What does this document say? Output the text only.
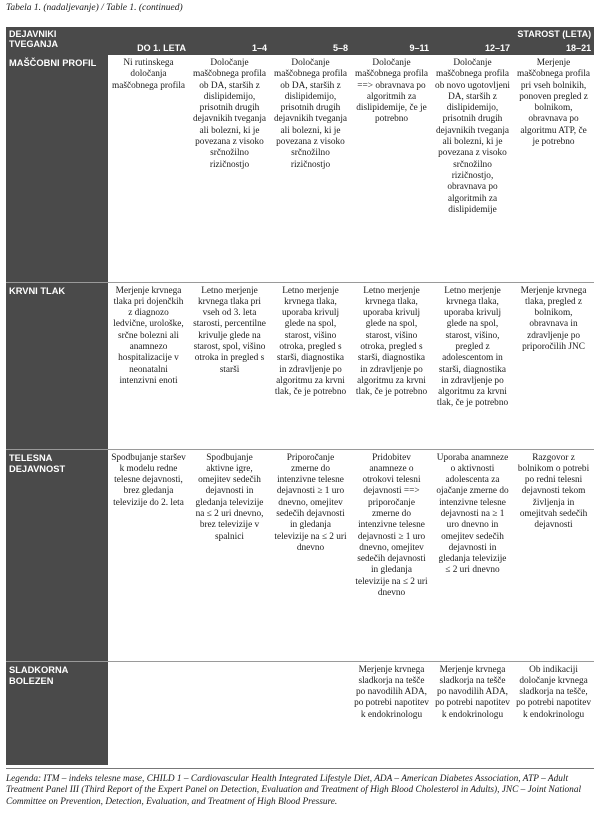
Tabela 1. (nadaljevanje) / Table 1. (continued)
DEJAVNIKI TVEGANJA	STAROST (LETA)					
	DO 1. LETA	1–4	5–8	9–11	12–17	18–21
MAŠČOBNI PROFIL	Ni rutinskega določanja maščobnega profila	Določanje maščobnega profila ob DA, starših z dislipidemijo, prisotnih drugih dejavnikih tveganja ali bolezni, ki je povezana z visoko srčnožilno rizičnostjo	Določanje maščobnega profila ob DA, starših z dislipidemijo, prisotnih drugih dejavnikih tveganja ali bolezni, ki je povezana z visoko srčnožilno rizičnostjo	Določanje maščobnega profila ==> obravnava po algoritmih za dislipidemije, če je potrebno	Določanje maščobnega profila ob novo ugotovljeni DA, starših z dislipidemijo, prisotnih drugih dejavnikih tveganja ali bolezni, ki je povezana z visoko srčnožilno rizičnostjo, obravnava po algoritmih za dislipidemije	Merjenje maščobnega profila pri vseh bolnikih, ponoven pregled z bolnikom, obravnava po algoritmu ATP, če je potrebno
KRVNI TLAK	Merjenje krvnega tlaka pri dojenčkih z diagnozo ledvične, urološke, srčne bolezni ali anamnezo hospitalizacije v neonatalni intenzivni enoti	Letno merjenje krvnega tlaka pri vseh od 3. leta starosti, percentilne krivulje glede na starost, spol, višino otroka in pregled s starši	Letno merjenje krvnega tlaka, uporaba krivulj glede na spol, starost, višino otroka, pregled s starši, diagnostika in zdravljenje po algoritmu za krvni tlak, če je potrebno	Letno merjenje krvnega tlaka, uporaba krivulj glede na spol, starost, višino otroka, pregled s starši, diagnostika in zdravljenje po algoritmu za krvni tlak, če je potrebno	Letno merjenje krvnega tlaka, uporaba krivulj glede na spol, starost, višino, pregled z adolescentom in starši, diagnostika in zdravljenje po algoritmu za krvni tlak, če je potrebno	Merjenje krvnega tlaka, pregled z bolnikom, obravnava in zdravljenje po priporočilih JNC
TELESNA DEJAVNOST	Spodbujanje staršev k modelu redne telesne dejavnosti, brez gledanja televizije do 2. leta	Spodbujanje aktivne igre, omejitev sedečih dejavnosti in gledanja televizije na ≤ 2 uri dnevno, brez televizije v spalnici	Priporočanje zmerne do intenzivne telesne dejavnosti ≥ 1 uro dnevno, omejitev sedečih dejavnosti in gledanja televizije na ≤ 2 uri dnevno	Pridobitev anamneze o otrokovi telesni dejavnosti ==> priporočanje zmerne do intenzivne telesne dejavnosti ≥ 1 uro dnevno, omejitev sedečih dejavnosti in gledanja televizije na ≤ 2 uri dnevno	Uporaba anamneze o aktivnosti adolescenta za ojačanje zmerne do intenzivne telesne dejavnosti na ≥ 1 uro dnevno in omejitev sedečih dejavnosti in gledanja televizije ≤ 2 uri dnevno	Razgovor z bolnikom o potrebi po redni telesni dejavnosti tekom življenja in omejitvah sedečih dejavnosti
SLADKORNA BOLEZEN				Merjenje krvnega sladkorja na tešče po navodilih ADA, po potrebi napotitev k endokrinologu	Merjenje krvnega sladkorja na tešče po navodilih ADA, po potrebi napotitev k endokrinologu	Ob indikaciji določanje krvnega sladkorja na tešče, po potrebi napotitev k endokrinologu
Legenda: ITM – indeks telesne mase, CHILD 1 – Cardiovascular Health Integrated Lifestyle Diet, ADA – American Diabetes Association, ATP – Adult Treatment Panel III (Third Report of the Expert Panel on Detection, Evaluation and Treatment of High Blood Cholesterol in Adults), JNC – Joint National Committee on Prevention, Detection, Evaluation, and Treatment of High Blood Pressure.
